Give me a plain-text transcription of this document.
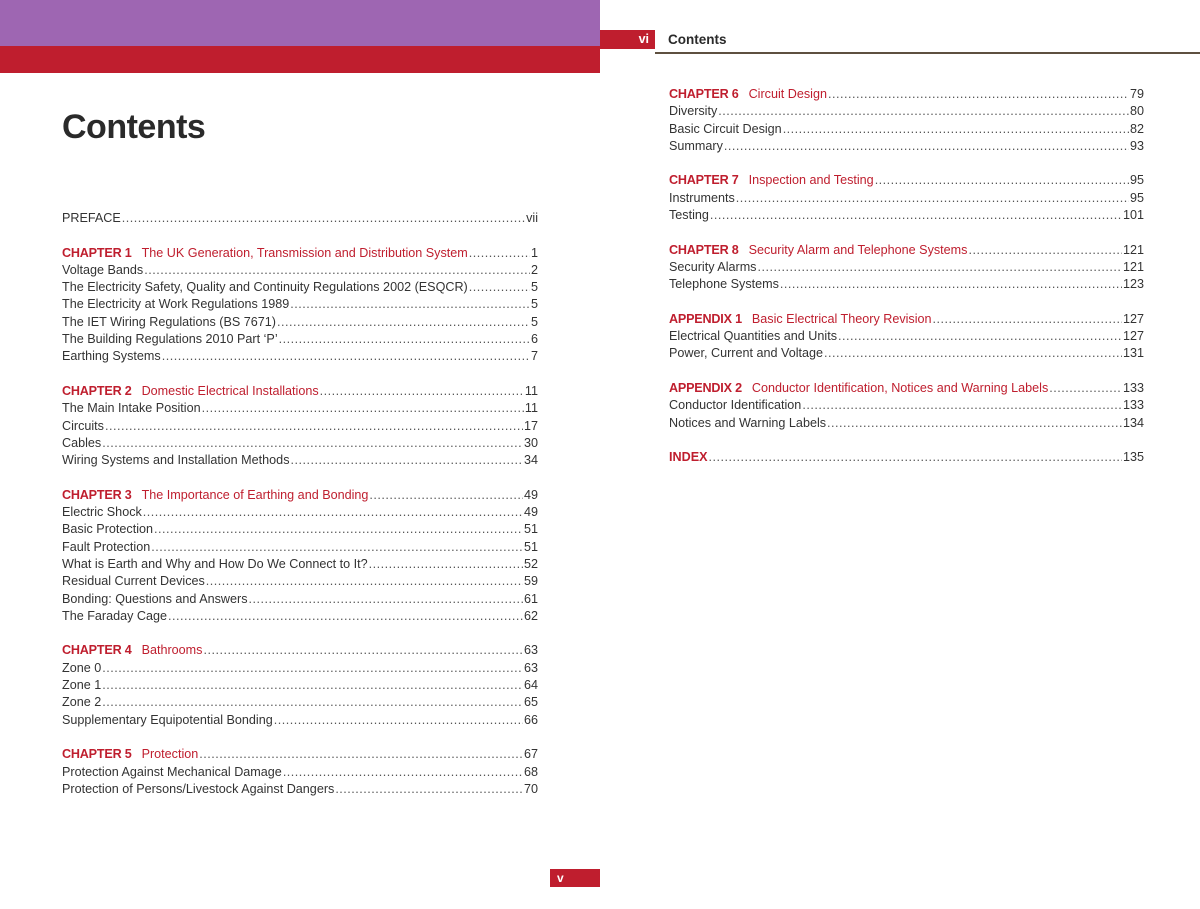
Contents
PREFACE .....	vii
CHAPTER 1 The UK Generation, Transmission and Distribution System .....	1
Voltage Bands .....	2
The Electricity Safety, Quality and Continuity Regulations 2002 (ESQCR) .....	5
The Electricity at Work Regulations 1989 .....	5
The IET Wiring Regulations (BS 7671) .....	5
The Building Regulations 2010 Part ‘P’ .....	6
Earthing Systems .....	7
CHAPTER 2 Domestic Electrical Installations .....	11
The Main Intake Position .....	11
Circuits .....	17
Cables .....	30
Wiring Systems and Installation Methods .....	34
CHAPTER 3 The Importance of Earthing and Bonding .....	49
Electric Shock .....	49
Basic Protection .....	51
Fault Protection .....	51
What is Earth and Why and How Do We Connect to It? .....	52
Residual Current Devices .....	59
Bonding: Questions and Answers .....	61
The Faraday Cage .....	62
CHAPTER 4 Bathrooms .....	63
Zone 0 .....	63
Zone 1 .....	64
Zone 2 .....	65
Supplementary Equipotential Bonding .....	66
CHAPTER 5 Protection .....	67
Protection Against Mechanical Damage .....	68
Protection of Persons/Livestock Against Dangers .....	70
v
vi	Contents
CHAPTER 6 Circuit Design .....	79
Diversity .....	80
Basic Circuit Design .....	82
Summary .....	93
CHAPTER 7 Inspection and Testing .....	95
Instruments .....	95
Testing .....	101
CHAPTER 8 Security Alarm and Telephone Systems .....	121
Security Alarms .....	121
Telephone Systems .....	123
APPENDIX 1 Basic Electrical Theory Revision .....	127
Electrical Quantities and Units .....	127
Power, Current and Voltage .....	131
APPENDIX 2 Conductor Identification, Notices and Warning Labels .....	133
Conductor Identification .....	133
Notices and Warning Labels .....	134
INDEX .....	135
